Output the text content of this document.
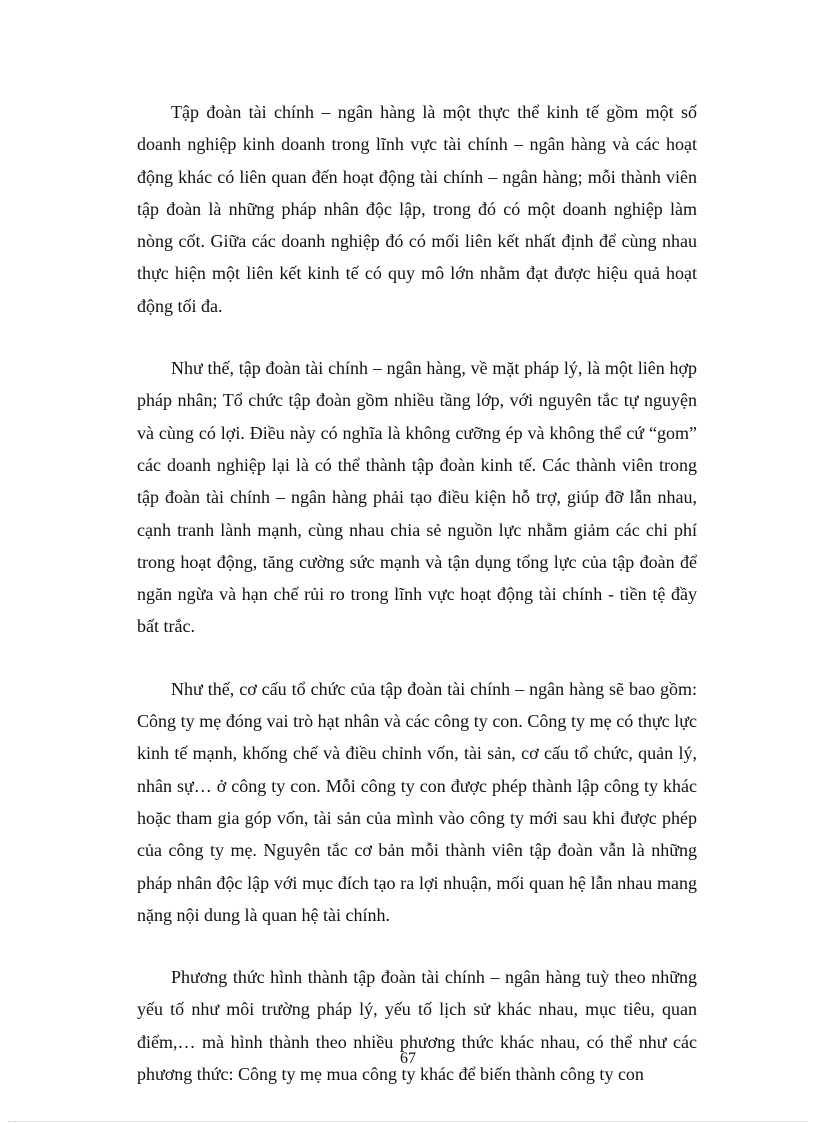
Tập đoàn tài chính – ngân hàng là một thực thể kinh tế gồm một số doanh nghiệp kinh doanh trong lĩnh vực tài chính – ngân hàng và các hoạt động khác có liên quan đến hoạt động tài chính – ngân hàng; mỗi thành viên tập đoàn là những pháp nhân độc lập, trong đó có một doanh nghiệp làm nòng cốt. Giữa các doanh nghiệp đó có mối liên kết nhất định để cùng nhau thực hiện một liên kết kinh tế có quy mô lớn nhằm đạt được hiệu quả hoạt động tối đa.

Như thế, tập đoàn tài chính – ngân hàng, về mặt pháp lý, là một liên hợp pháp nhân; Tổ chức tập đoàn gồm nhiều tầng lớp, với nguyên tắc tự nguyện và cùng có lợi. Điều này có nghĩa là không cưỡng ép và không thể cứ “gom” các doanh nghiệp lại là có thể thành tập đoàn kinh tế. Các thành viên trong tập đoàn tài chính – ngân hàng phải tạo điều kiện hỗ trợ, giúp đỡ lẫn nhau, cạnh tranh lành mạnh, cùng nhau chia sẻ nguồn lực nhằm giảm các chi phí trong hoạt động, tăng cường sức mạnh và tận dụng tổng lực của tập đoàn để ngăn ngừa và hạn chế rủi ro trong lĩnh vực hoạt động tài chính - tiền tệ đầy bất trắc.

Như thế, cơ cấu tổ chức của tập đoàn tài chính – ngân hàng sẽ bao gồm: Công ty mẹ đóng vai trò hạt nhân và các công ty con. Công ty mẹ có thực lực kinh tế mạnh, khống chế và điều chỉnh vốn, tài sản, cơ cấu tổ chức, quản lý, nhân sự… ở công ty con. Mỗi công ty con được phép thành lập công ty khác hoặc tham gia góp vốn, tài sản của mình vào công ty mới sau khi được phép của công ty mẹ. Nguyên tắc cơ bản mỗi thành viên tập đoàn vẫn là những pháp nhân độc lập với mục đích tạo ra lợi nhuận, mối quan hệ lẫn nhau mang nặng nội dung là quan hệ tài chính.

Phương thức hình thành tập đoàn tài chính – ngân hàng tuỳ theo những yếu tố như môi trường pháp lý, yếu tố lịch sử khác nhau, mục tiêu, quan điểm,… mà hình thành theo nhiều phương thức khác nhau, có thể như các phương thức: Công ty mẹ mua công ty khác để biến thành công ty con

67
